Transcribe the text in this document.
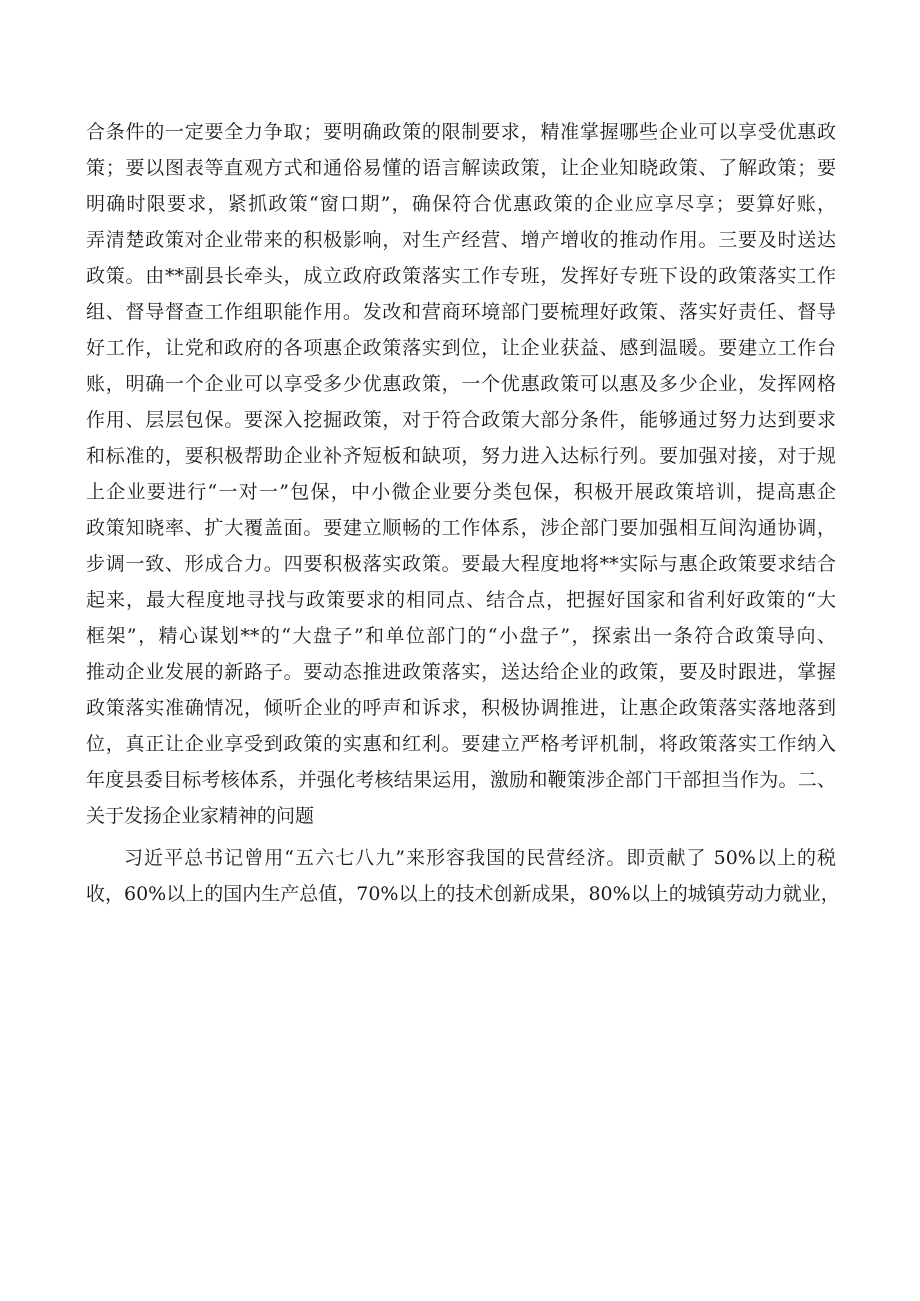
合条件的一定要全力争取；要明确政策的限制要求，精准掌握哪些企业可以享受优惠政
策；要以图表等直观方式和通俗易懂的语言解读政策，让企业知晓政策、了解政策；要
明确时限要求，紧抓政策“窗口期”，确保符合优惠政策的企业应享尽享；要算好账，
弄清楚政策对企业带来的积极影响，对生产经营、增产增收的推动作用。三要及时送达
政策。由**副县长牵头，成立政府政策落实工作专班，发挥好专班下设的政策落实工作
组、督导督查工作组职能作用。发改和营商环境部门要梳理好政策、落实好责任、督导
好工作，让党和政府的各项惠企政策落实到位，让企业获益、感到温暖。要建立工作台
账，明确一个企业可以享受多少优惠政策，一个优惠政策可以惠及多少企业，发挥网格
作用、层层包保。要深入挖掘政策，对于符合政策大部分条件，能够通过努力达到要求
和标准的，要积极帮助企业补齐短板和缺项，努力进入达标行列。要加强对接，对于规
上企业要进行“一对一”包保，中小微企业要分类包保，积极开展政策培训，提高惠企
政策知晓率、扩大覆盖面。要建立顺畅的工作体系，涉企部门要加强相互间沟通协调，
步调一致、形成合力。四要积极落实政策。要最大程度地将**实际与惠企政策要求结合
起来，最大程度地寻找与政策要求的相同点、结合点，把握好国家和省利好政策的“大
框架”，精心谋划**的“大盘子”和单位部门的“小盘子”，探索出一条符合政策导向、
推动企业发展的新路子。要动态推进政策落实，送达给企业的政策，要及时跟进，掌握
政策落实准确情况，倾听企业的呼声和诉求，积极协调推进，让惠企政策落实落地落到
位，真正让企业享受到政策的实惠和红利。要建立严格考评机制，将政策落实工作纳入
年度县委目标考核体系，并强化考核结果运用，激励和鞭策涉企部门干部担当作为。二、
关于发扬企业家精神的问题
习近平总书记曾用“五六七八九”来形容我国的民营经济。即贡献了 50%以上的税
收，60%以上的国内生产总值，70%以上的技术创新成果，80%以上的城镇劳动力就业，
